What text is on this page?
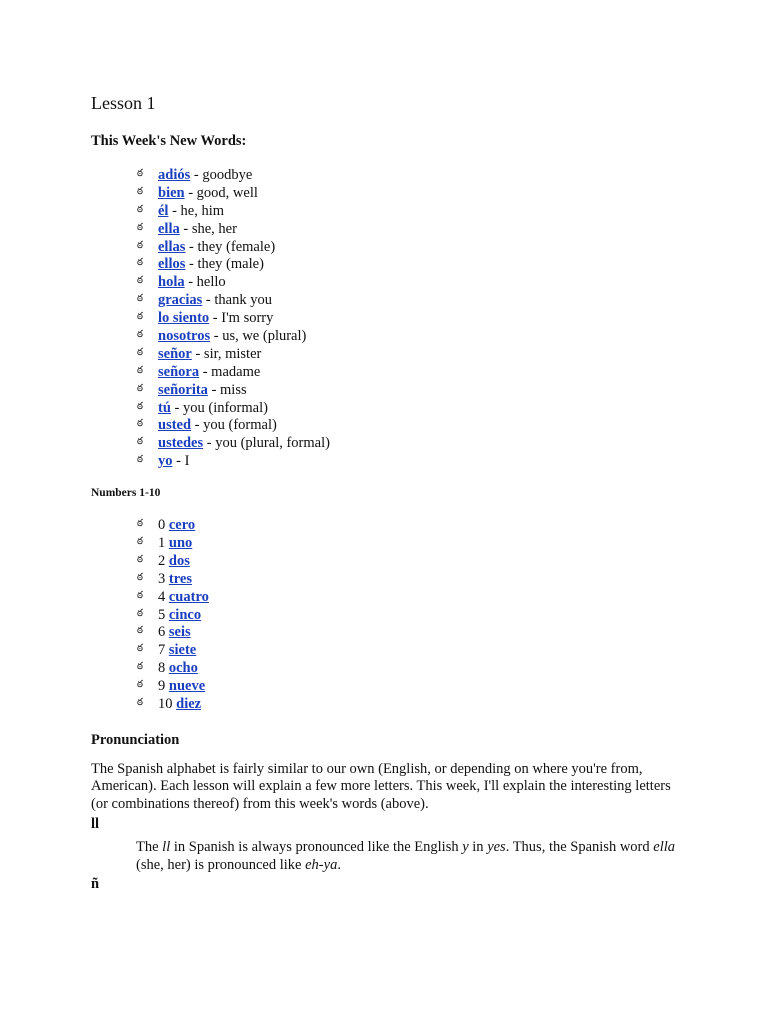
Lesson 1
This Week's New Words:
ఠ adiós - goodbye
ఠ bien - good, well
ఠ él - he, him
ఠ ella - she, her
ఠ ellas - they (female)
ఠ ellos - they (male)
ఠ hola - hello
ఠ gracias - thank you
ఠ lo siento - I'm sorry
ఠ nosotros - us, we (plural)
ఠ señor - sir, mister
ఠ señora - madame
ఠ señorita - miss
ఠ tú - you (informal)
ఠ usted - you (formal)
ఠ ustedes - you (plural, formal)
ఠ yo - I
Numbers 1-10
ఠ 0 cero
ఠ 1 uno
ఠ 2 dos
ఠ 3 tres
ఠ 4 cuatro
ఠ 5 cinco
ఠ 6 seis
ఠ 7 siete
ఠ 8 ocho
ఠ 9 nueve
ఠ 10 diez
Pronunciation

The Spanish alphabet is fairly similar to our own (English, or depending on where you're from, American). Each lesson will explain a few more letters. This week, I'll explain the interesting letters (or combinations thereof) from this week's words (above).

ll
The ll in Spanish is always pronounced like the English y in yes. Thus, the Spanish word ella (she, her) is pronounced like eh-ya.
ñ
